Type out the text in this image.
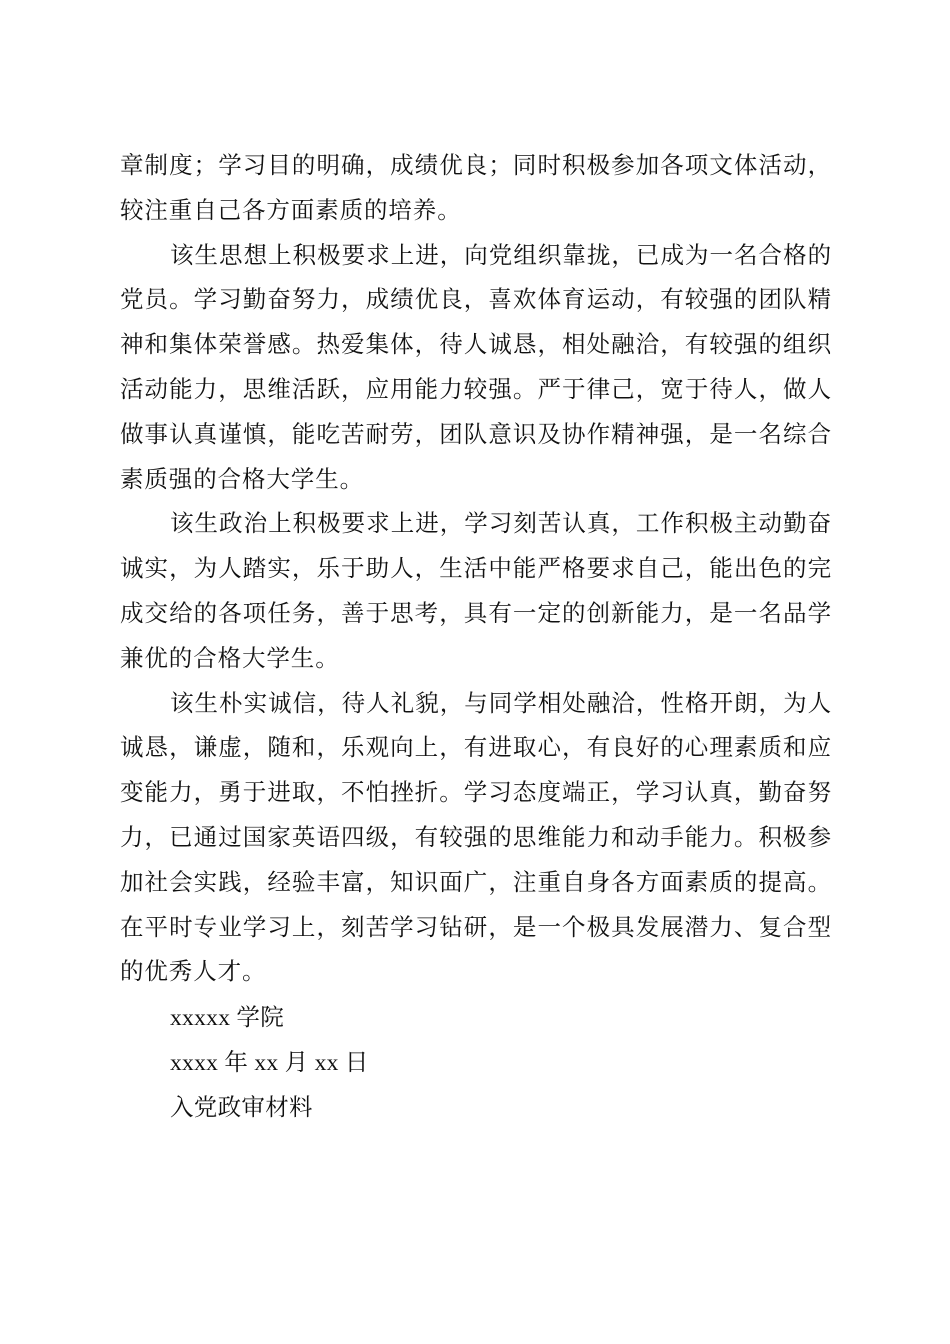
章制度；学习目的明确，成绩优良；同时积极参加各项文体活动，较注重自己各方面素质的培养。

该生思想上积极要求上进，向党组织靠拢，已成为一名合格的党员。学习勤奋努力，成绩优良，喜欢体育运动，有较强的团队精神和集体荣誉感。热爱集体，待人诚恳，相处融洽，有较强的组织活动能力，思维活跃，应用能力较强。严于律己，宽于待人，做人做事认真谨慎，能吃苦耐劳，团队意识及协作精神强，是一名综合素质强的合格大学生。

该生政治上积极要求上进，学习刻苦认真，工作积极主动勤奋诚实，为人踏实，乐于助人，生活中能严格要求自己，能出色的完成交给的各项任务，善于思考，具有一定的创新能力，是一名品学兼优的合格大学生。

该生朴实诚信，待人礼貌，与同学相处融洽，性格开朗，为人诚恳，谦虚，随和，乐观向上，有进取心，有良好的心理素质和应变能力，勇于进取，不怕挫折。学习态度端正，学习认真，勤奋努力，已通过国家英语四级，有较强的思维能力和动手能力。积极参加社会实践，经验丰富，知识面广，注重自身各方面素质的提高。在平时专业学习上，刻苦学习钻研，是一个极具发展潜力、复合型的优秀人才。

xxxxx 学院

xxxx 年 xx 月 xx 日

入党政审材料
